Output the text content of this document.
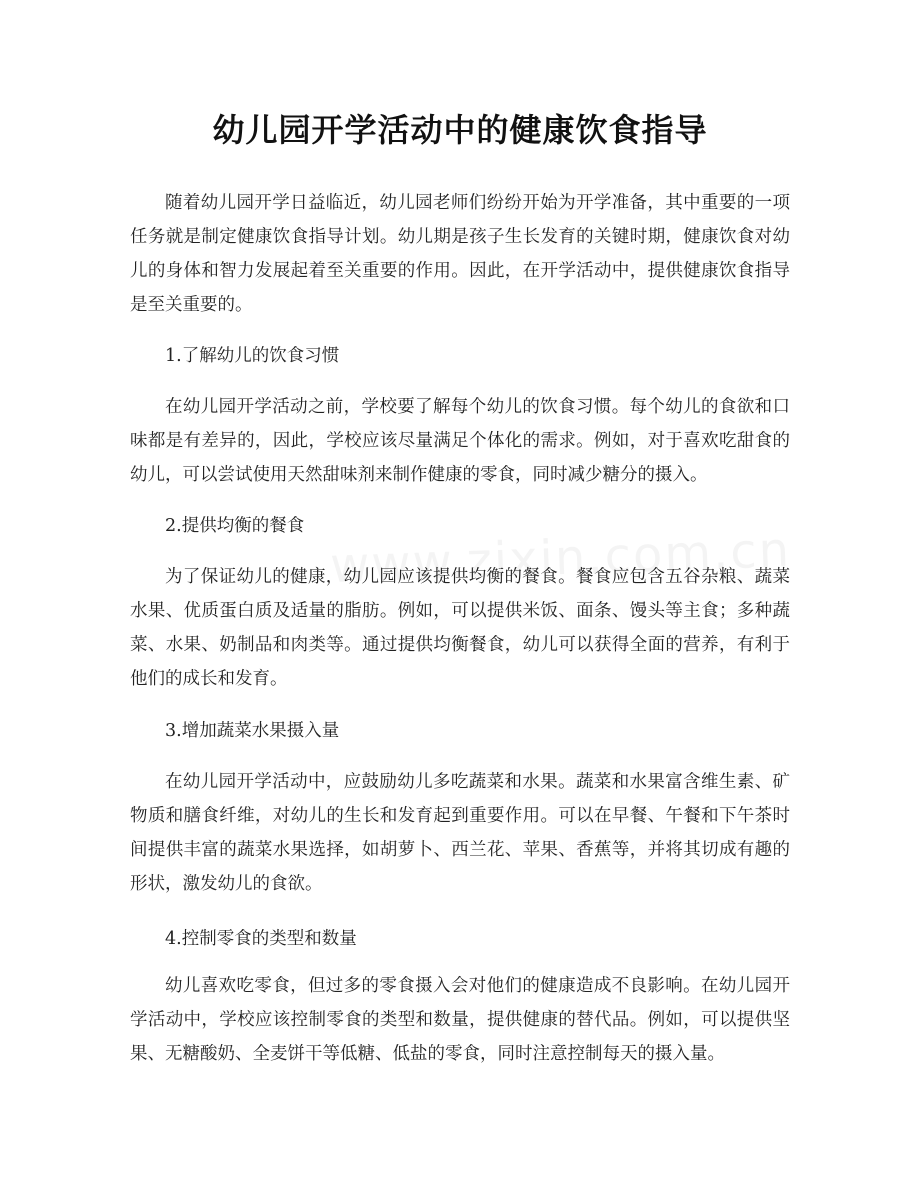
幼儿园开学活动中的健康饮食指导

随着幼儿园开学日益临近，幼儿园老师们纷纷开始为开学准备，其中重要的一项任务就是制定健康饮食指导计划。幼儿期是孩子生长发育的关键时期，健康饮食对幼儿的身体和智力发展起着至关重要的作用。因此，在开学活动中，提供健康饮食指导是至关重要的。

1.了解幼儿的饮食习惯

在幼儿园开学活动之前，学校要了解每个幼儿的饮食习惯。每个幼儿的食欲和口味都是有差异的，因此，学校应该尽量满足个体化的需求。例如，对于喜欢吃甜食的幼儿，可以尝试使用天然甜味剂来制作健康的零食，同时减少糖分的摄入。

2.提供均衡的餐食

为了保证幼儿的健康，幼儿园应该提供均衡的餐食。餐食应包含五谷杂粮、蔬菜水果、优质蛋白质及适量的脂肪。例如，可以提供米饭、面条、馒头等主食；多种蔬菜、水果、奶制品和肉类等。通过提供均衡餐食，幼儿可以获得全面的营养，有利于他们的成长和发育。

3.增加蔬菜水果摄入量

在幼儿园开学活动中，应鼓励幼儿多吃蔬菜和水果。蔬菜和水果富含维生素、矿物质和膳食纤维，对幼儿的生长和发育起到重要作用。可以在早餐、午餐和下午茶时间提供丰富的蔬菜水果选择，如胡萝卜、西兰花、苹果、香蕉等，并将其切成有趣的形状，激发幼儿的食欲。

4.控制零食的类型和数量

幼儿喜欢吃零食，但过多的零食摄入会对他们的健康造成不良影响。在幼儿园开学活动中，学校应该控制零食的类型和数量，提供健康的替代品。例如，可以提供坚果、无糖酸奶、全麦饼干等低糖、低盐的零食，同时注意控制每天的摄入量。
